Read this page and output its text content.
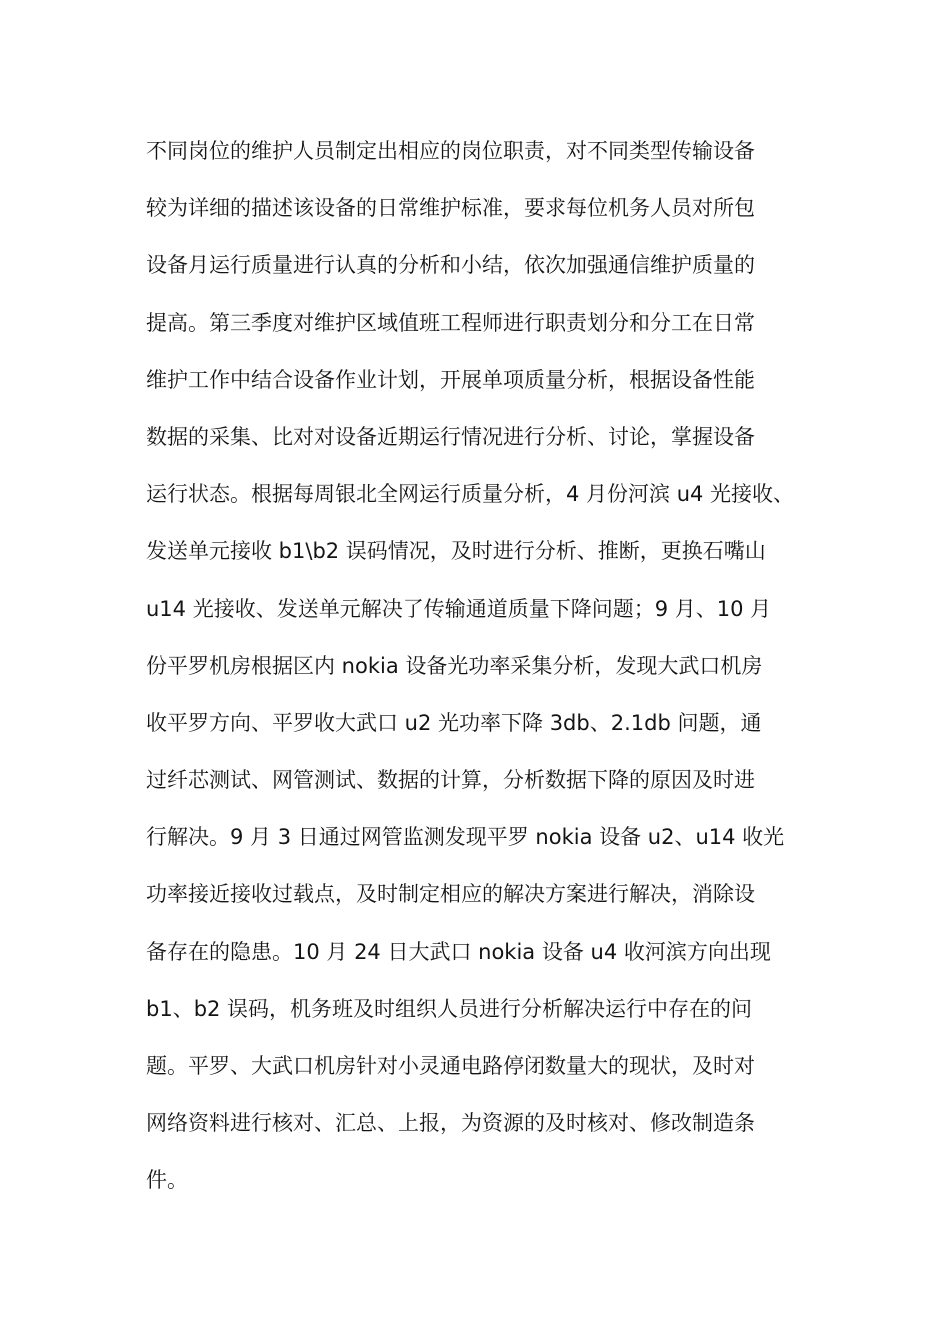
不同岗位的维护人员制定出相应的岗位职责，对不同类型传输设备
较为详细的描述该设备的日常维护标准，要求每位机务人员对所包
设备月运行质量进行认真的分析和小结，依次加强通信维护质量的
提高。第三季度对维护区域值班工程师进行职责划分和分工在日常
维护工作中结合设备作业计划，开展单项质量分析，根据设备性能
数据的采集、比对对设备近期运行情况进行分析、讨论，掌握设备
运行状态。根据每周银北全网运行质量分析，4 月份河滨 u4 光接收、
发送单元接收 b1\b2 误码情况，及时进行分析、推断，更换石嘴山
u14 光接收、发送单元解决了传输通道质量下降问题；9 月、10 月
份平罗机房根据区内 nokia 设备光功率采集分析，发现大武口机房
收平罗方向、平罗收大武口 u2 光功率下降 3db、2.1db 问题，通
过纤芯测试、网管测试、数据的计算，分析数据下降的原因及时进
行解决。9 月 3 日通过网管监测发现平罗 nokia 设备 u2、u14 收光
功率接近接收过载点，及时制定相应的解决方案进行解决，消除设
备存在的隐患。10 月 24 日大武口 nokia 设备 u4 收河滨方向出现
b1、b2 误码，机务班及时组织人员进行分析解决运行中存在的问
题。平罗、大武口机房针对小灵通电路停闭数量大的现状，及时对
网络资料进行核对、汇总、上报，为资源的及时核对、修改制造条
件。
